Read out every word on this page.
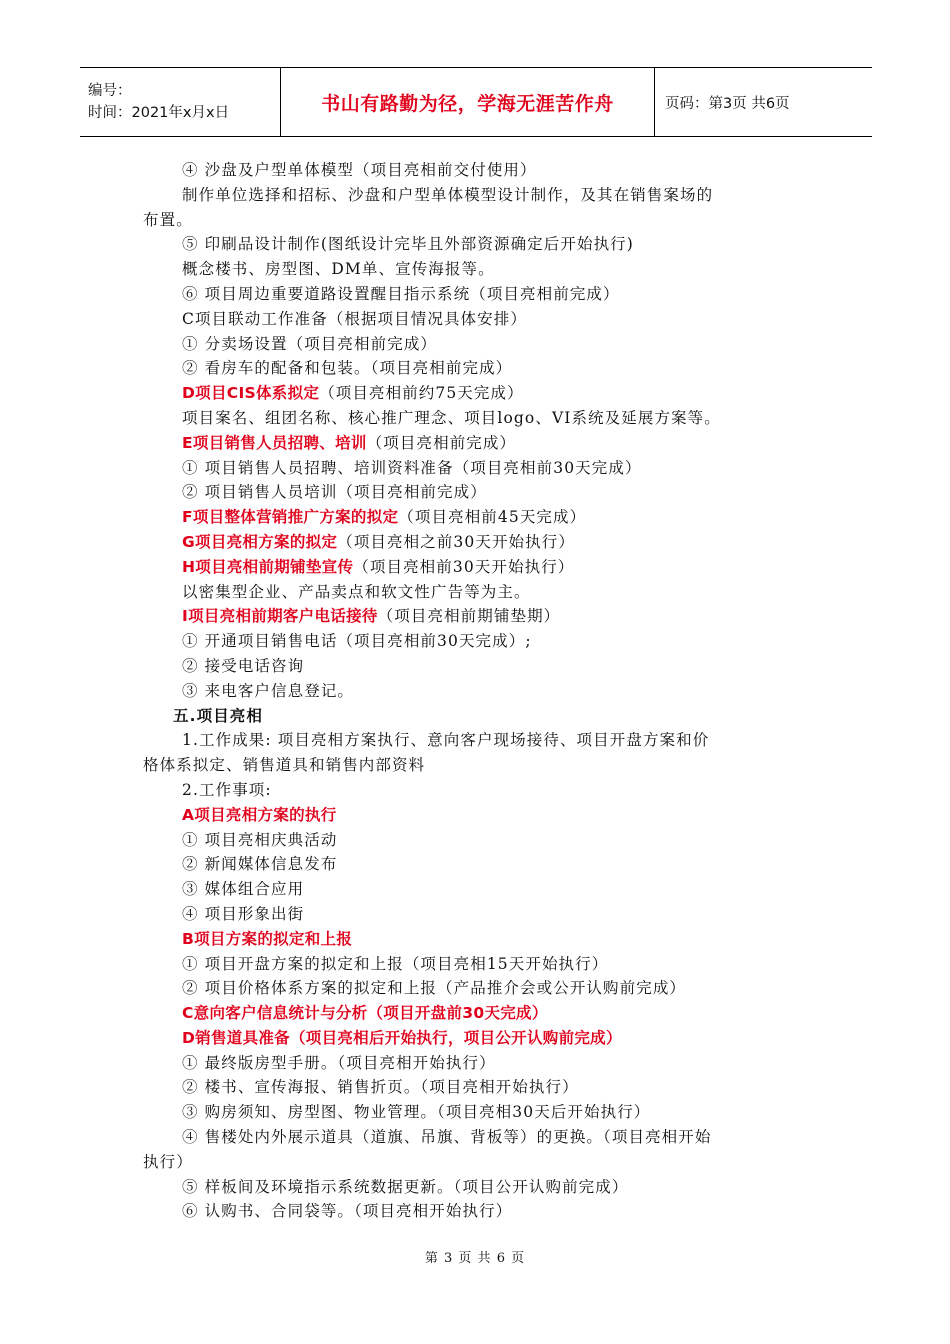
编号：
时间：2021年x月x日	书山有路勤为径，学海无涯苦作舟	页码：第3页 共6页
④ 沙盘及户型单体模型（项目亮相前交付使用）
制作单位选择和招标、沙盘和户型单体模型设计制作，及其在销售案场的
布置。
⑤ 印刷品设计制作(图纸设计完毕且外部资源确定后开始执行)
概念楼书、房型图、DM单、宣传海报等。
⑥ 项目周边重要道路设置醒目指示系统（项目亮相前完成）
C项目联动工作准备（根据项目情况具体安排）
① 分卖场设置（项目亮相前完成）
② 看房车的配备和包装。（项目亮相前完成）
D项目CIS体系拟定（项目亮相前约75天完成）
项目案名、组团名称、核心推广理念、项目logo、VI系统及延展方案等。
E项目销售人员招聘、培训（项目亮相前完成）
① 项目销售人员招聘、培训资料准备（项目亮相前30天完成）
② 项目销售人员培训（项目亮相前完成）
F项目整体营销推广方案的拟定（项目亮相前45天完成）
G项目亮相方案的拟定（项目亮相之前30天开始执行）
H项目亮相前期铺垫宣传（项目亮相前30天开始执行）
以密集型企业、产品卖点和软文性广告等为主。
I项目亮相前期客户电话接待（项目亮相前期铺垫期）
① 开通项目销售电话（项目亮相前30天完成）;
② 接受电话咨询
③ 来电客户信息登记。
五.项目亮相
1.工作成果: 项目亮相方案执行、意向客户现场接待、项目开盘方案和价
格体系拟定、销售道具和销售内部资料
2.工作事项:
A项目亮相方案的执行
① 项目亮相庆典活动
② 新闻媒体信息发布
③ 媒体组合应用
④ 项目形象出街
B项目方案的拟定和上报
① 项目开盘方案的拟定和上报（项目亮相15天开始执行）
② 项目价格体系方案的拟定和上报（产品推介会或公开认购前完成）
C意向客户信息统计与分析（项目开盘前30天完成）
D销售道具准备（项目亮相后开始执行，项目公开认购前完成）
① 最终版房型手册。（项目亮相开始执行）
② 楼书、宣传海报、销售折页。（项目亮相开始执行）
③ 购房须知、房型图、物业管理。（项目亮相30天后开始执行）
④ 售楼处内外展示道具（道旗、吊旗、背板等）的更换。（项目亮相开始
执行）
⑤ 样板间及环境指示系统数据更新。（项目公开认购前完成）
⑥ 认购书、合同袋等。（项目亮相开始执行）
第 3 页 共 6 页
